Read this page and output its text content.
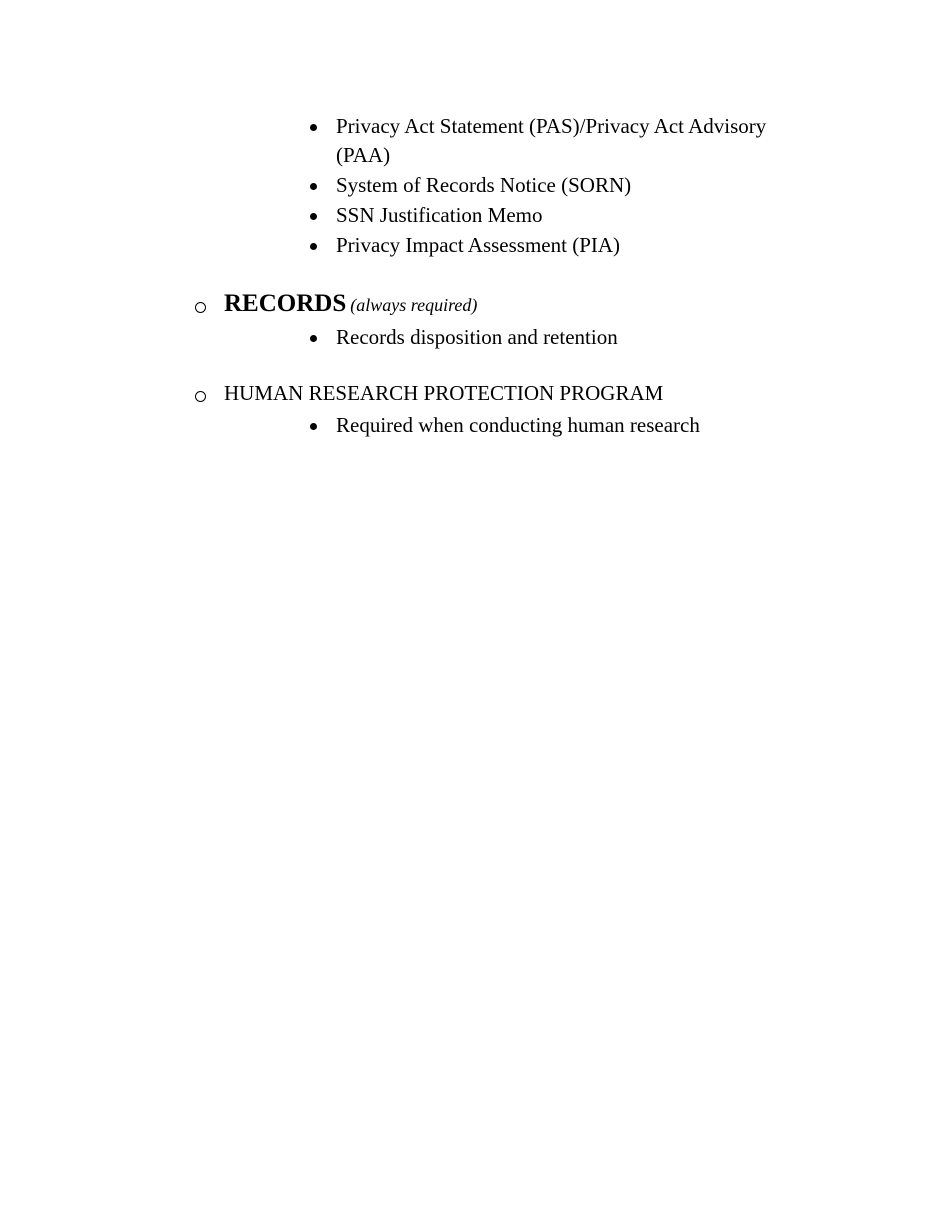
Privacy Act Statement (PAS)/Privacy Act Advisory (PAA)
System of Records Notice (SORN)
SSN Justification Memo
Privacy Impact Assessment (PIA)
RECORDS (always required)
Records disposition and retention
HUMAN RESEARCH PROTECTION PROGRAM
Required when conducting human research
